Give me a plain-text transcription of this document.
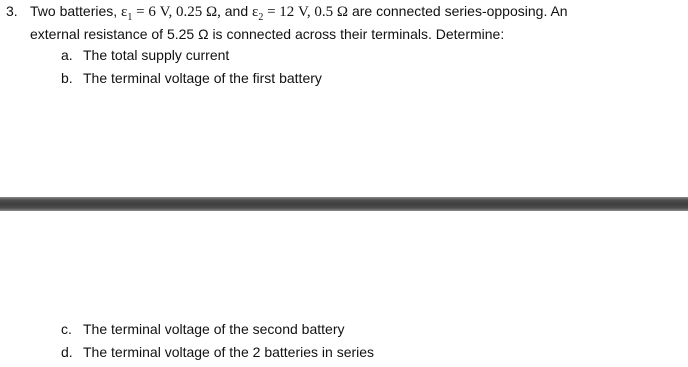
3. Two batteries, $\varepsilon_1 = 6$ V, 0.25 Ω, and $\varepsilon_2 = 12$ V, 0.5 Ω are connected series-opposing. An
external resistance of 5.25 Ω is connected across their terminals. Determine:
a. The total supply current
b. The terminal voltage of the first battery
c. The terminal voltage of the second battery
d. The terminal voltage of the 2 batteries in series
